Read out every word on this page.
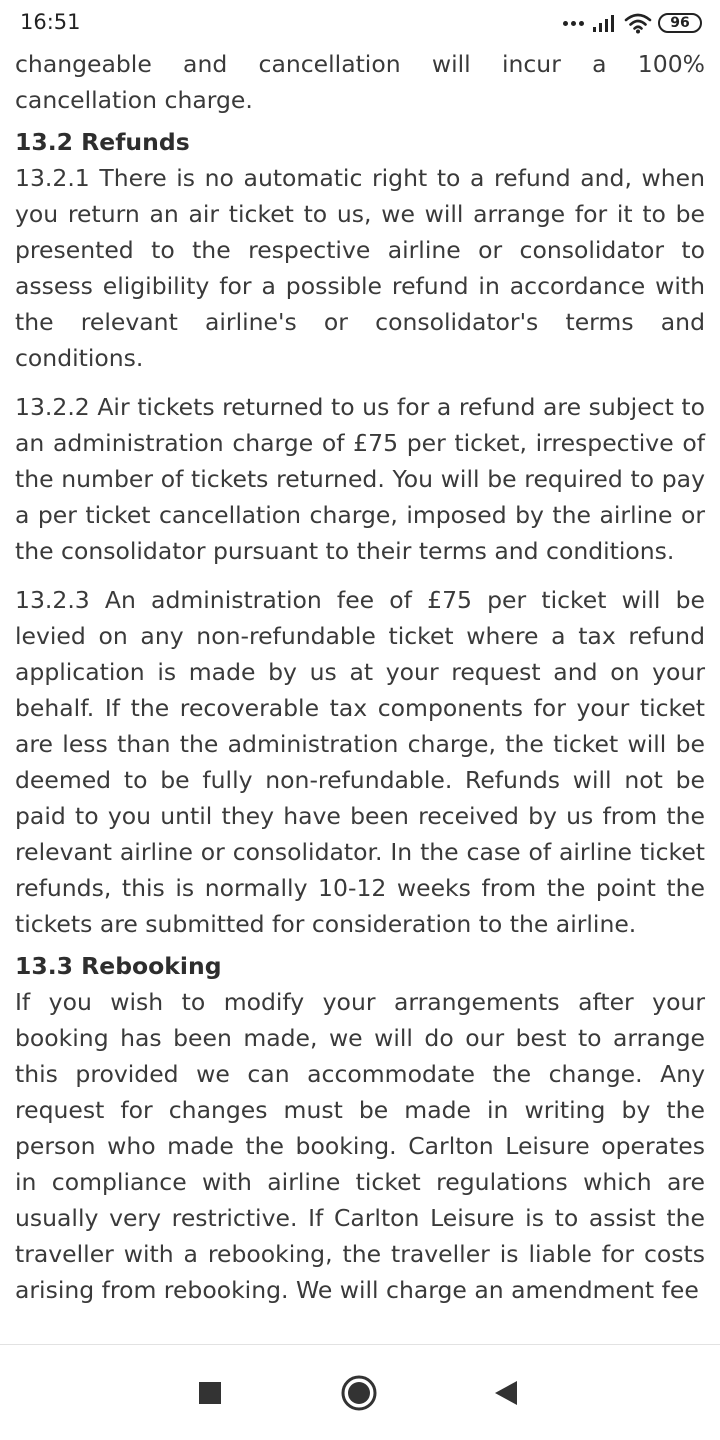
changeable and cancellation will incur a 100% cancellation charge.

13.2 Refunds

13.2.1 There is no automatic right to a refund and, when you return an air ticket to us, we will arrange for it to be presented to the respective airline or consolidator to assess eligibility for a possible refund in accordance with the relevant airline's or consolidator's terms and conditions.

13.2.2 Air tickets returned to us for a refund are subject to an administration charge of £75 per ticket, irrespective of the number of tickets returned. You will be required to pay a per ticket cancellation charge, imposed by the airline or the consolidator pursuant to their terms and conditions.

13.2.3 An administration fee of £75 per ticket will be levied on any non-refundable ticket where a tax refund application is made by us at your request and on your behalf. If the recoverable tax components for your ticket are less than the administration charge, the ticket will be deemed to be fully non-refundable. Refunds will not be paid to you until they have been received by us from the relevant airline or consolidator. In the case of airline ticket refunds, this is normally 10-12 weeks from the point the tickets are submitted for consideration to the airline.

13.3 Rebooking

If you wish to modify your arrangements after your booking has been made, we will do our best to arrange this provided we can accommodate the change. Any request for changes must be made in writing by the person who made the booking. Carlton Leisure operates in compliance with airline ticket regulations which are usually very restrictive. If Carlton Leisure is to assist the traveller with a rebooking, the traveller is liable for costs arising from rebooking. We will charge an amendment fee

16:51	96
